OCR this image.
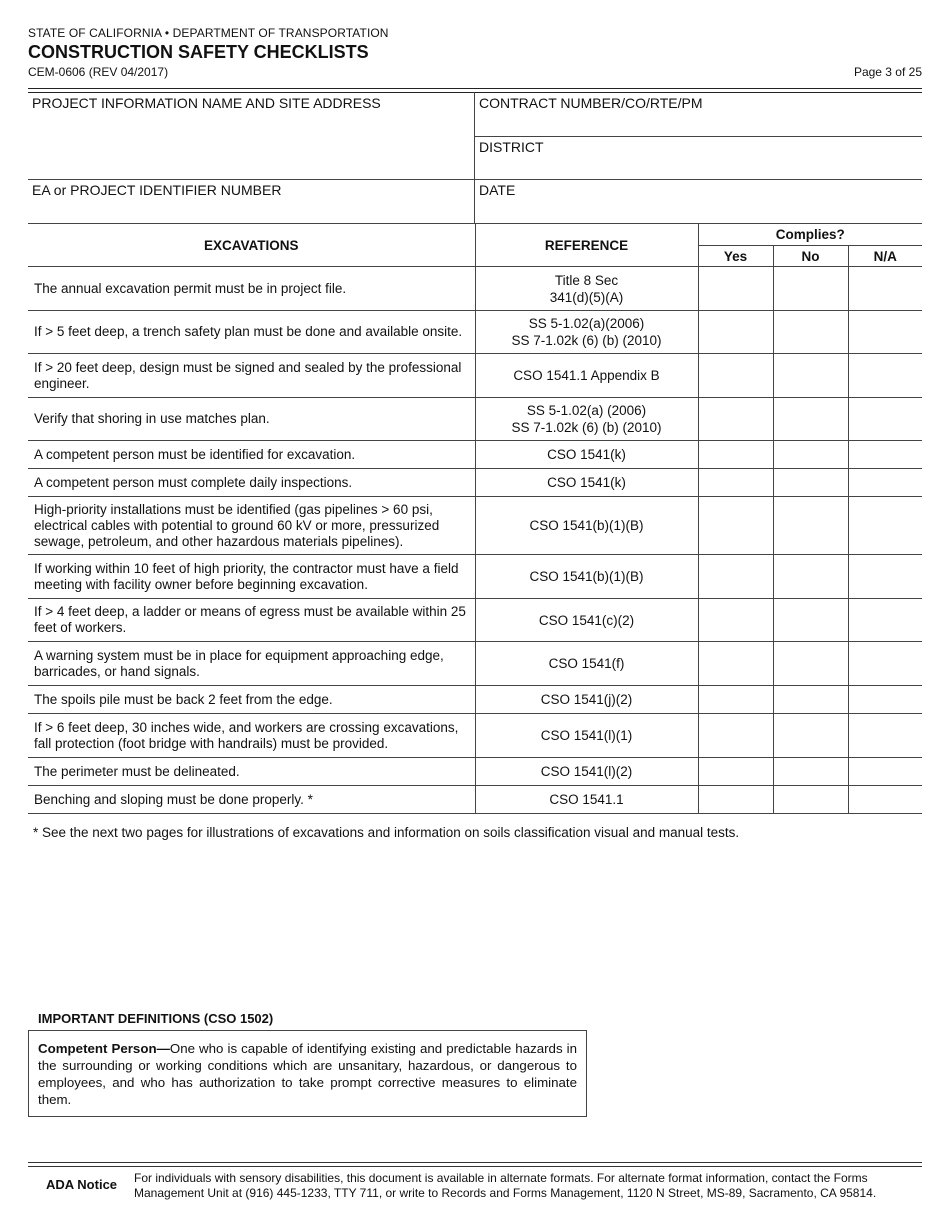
STATE OF CALIFORNIA • DEPARTMENT OF TRANSPORTATION
CONSTRUCTION SAFETY CHECKLISTS
CEM-0606 (REV 04/2017)	Page 3 of 25
PROJECT INFORMATION NAME AND SITE ADDRESS
EA or PROJECT IDENTIFIER NUMBER
CONTRACT NUMBER/CO/RTE/PM
DISTRICT
DATE
EXCAVATIONS	REFERENCE	Complies?		
		Yes	No	N/A
The annual excavation permit must be in project file.	Title 8 Sec
341(d)(5)(A)			

If > 5 feet deep, a trench safety plan must be done and available onsite.	SS 5-1.02(a)(2006)
SS 7-1.02k (6) (b) (2010)			

If > 20 feet deep, design must be signed and sealed by the professional engineer.	CSO 1541.1 Appendix B			

Verify that shoring in use matches plan.	SS 5-1.02(a) (2006)
SS 7-1.02k (6) (b) (2010)			

A competent person must be identified for excavation.	CSO 1541(k)			

A competent person must complete daily inspections.	CSO 1541(k)			

High-priority installations must be identified (gas pipelines > 60 psi, electrical cables with potential to ground 60 kV or more, pressurized sewage, petroleum, and other hazardous materials pipelines).	CSO 1541(b)(1)(B)			

If working within 10 feet of high priority, the contractor must have a field meeting with facility owner before beginning excavation.	CSO 1541(b)(1)(B)			

If > 4 feet deep, a ladder or means of egress must be available within 25 feet of workers.	CSO 1541(c)(2)			

A warning system must be in place for equipment approaching edge, barricades, or hand signals.	CSO 1541(f)			

The spoils pile must be back 2 feet from the edge.	CSO 1541(j)(2)			

If > 6 feet deep, 30 inches wide, and workers are crossing excavations, fall protection (foot bridge with handrails) must be provided.	CSO 1541(l)(1)			

The perimeter must be delineated.	CSO 1541(l)(2)			

Benching and sloping must be done properly. *	CSO 1541.1			

* See the next two pages for illustrations of excavations and information on soils classification visual and manual tests.
IMPORTANT DEFINITIONS (CSO 1502)
Competent Person—One who is capable of identifying existing and predictable hazards in the surrounding or working conditions which are unsanitary, hazardous, or dangerous to employees, and who has authorization to take prompt corrective measures to eliminate them.
ADA Notice For individuals with sensory disabilities, this document is available in alternate formats. For alternate format information, contact the Forms Management Unit at (916) 445-1233, TTY 711, or write to Records and Forms Management, 1120 N Street, MS-89, Sacramento, CA 95814.
